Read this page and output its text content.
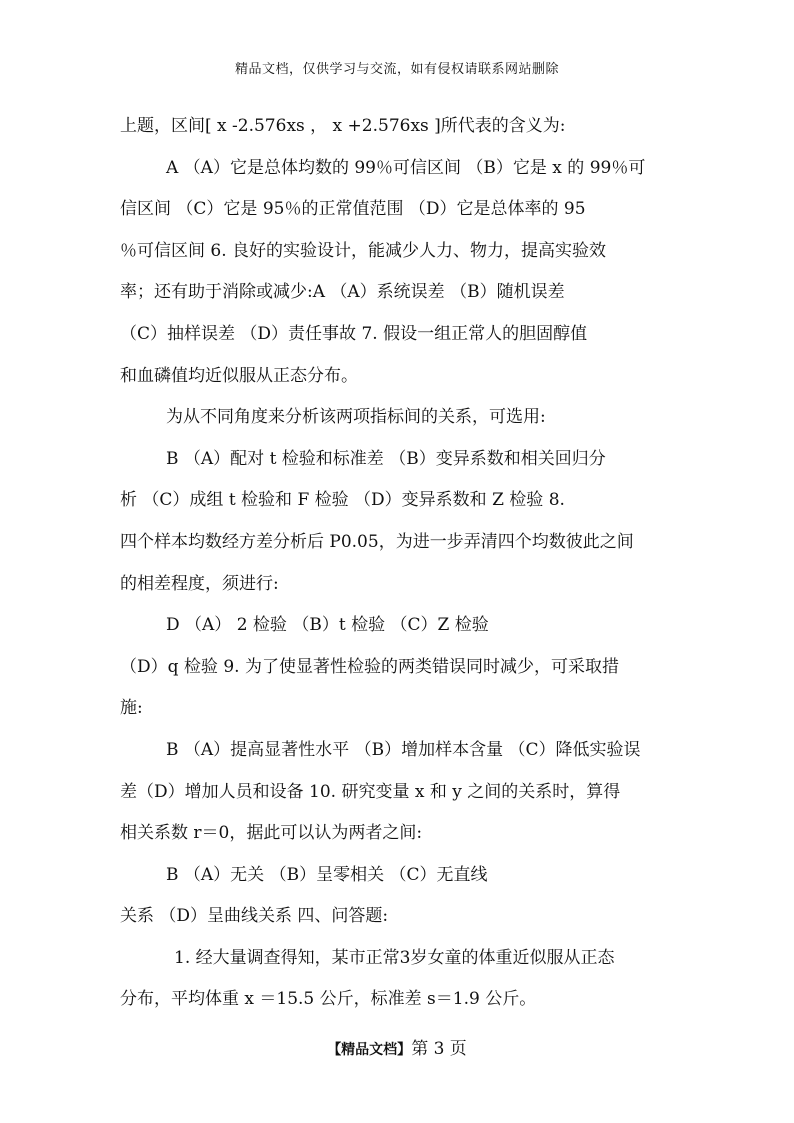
精品文档，仅供学习与交流，如有侵权请联系网站删除
上题，区间[ x -2.576xs ， x +2.576xs ]所代表的含义为:
A （A）它是总体均数的 99％可信区间 （B）它是 x 的 99％可
信区间 （C）它是 95％的正常值范围 （D）它是总体率的 95
％可信区间 6. 良好的实验设计，能减少人力、物力，提高实验效
率；还有助于消除或减少:A （A）系统误差 （B）随机误差
（C）抽样误差 （D）责任事故 7. 假设一组正常人的胆固醇值
和血磷值均近似服从正态分布。
为从不同角度来分析该两项指标间的关系，可选用:
B （A）配对 t 检验和标准差 （B）变异系数和相关回归分
析 （C）成组 t 检验和 F 检验 （D）变异系数和 Z 检验 8.
四个样本均数经方差分析后 P0.05，为进一步弄清四个均数彼此之间
的相差程度，须进行:
D （A） 2 检验 （B）t 检验 （C）Z 检验
（D）q 检验 9. 为了使显著性检验的两类错误同时减少，可采取措
施:
B （A）提高显著性水平 （B）增加样本含量 （C）降低实验误
差（D）增加人员和设备 10. 研究变量 x 和 y 之间的关系时，算得
相关系数 r＝0，据此可以认为两者之间:
B （A）无关 （B）呈零相关 （C）无直线
关系 （D）呈曲线关系 四、问答题:
1. 经大量调查得知，某市正常3岁女童的体重近似服从正态
分布，平均体重 x ＝15.5 公斤，标准差 s＝1.9 公斤。
【精品文档】第 3 页
